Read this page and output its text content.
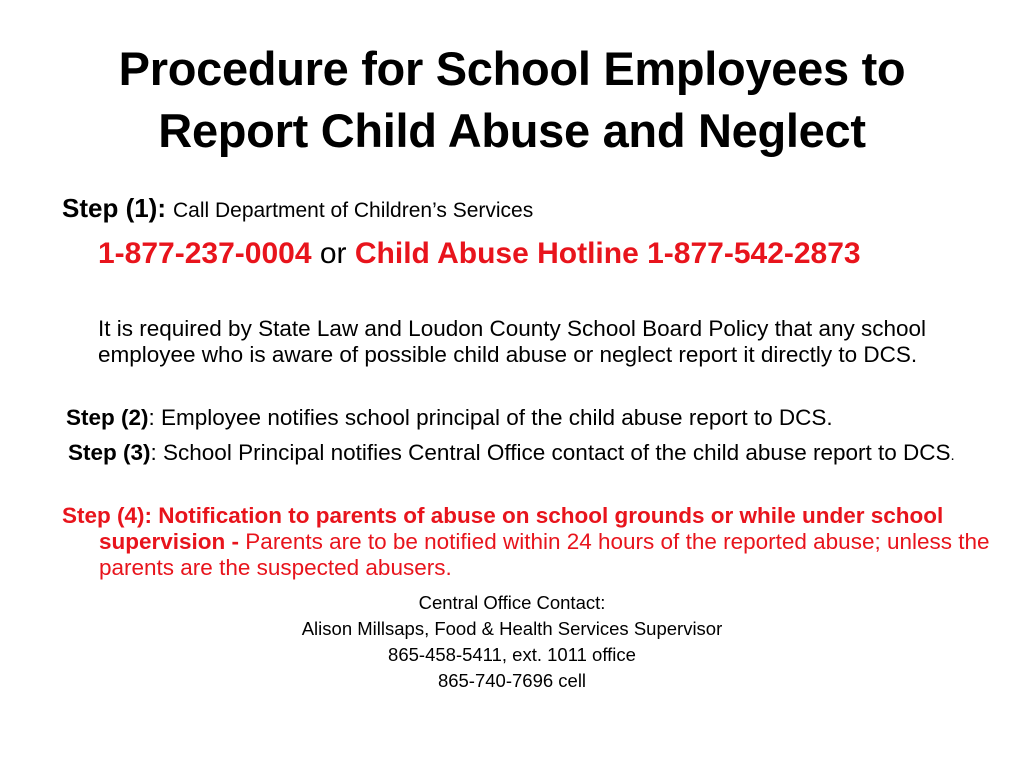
Procedure for School Employees to
Report Child Abuse and Neglect
Step (1): Call Department of Children’s Services
1-877-237-0004 or Child Abuse Hotline 1-877-542-2873
It is required by State Law and Loudon County School Board Policy that any school employee who is aware of possible child abuse or neglect report it directly to DCS.
Step (2): Employee notifies school principal of the child abuse report to DCS.
Step (3): School Principal notifies Central Office contact of the child abuse report to DCS.
Step (4): Notification to parents of abuse on school grounds or while under school supervision - Parents are to be notified within 24 hours of the reported abuse; unless the parents are the suspected abusers.
Central Office Contact:
Alison Millsaps, Food & Health Services Supervisor
865-458-5411, ext. 1011 office
865-740-7696 cell
